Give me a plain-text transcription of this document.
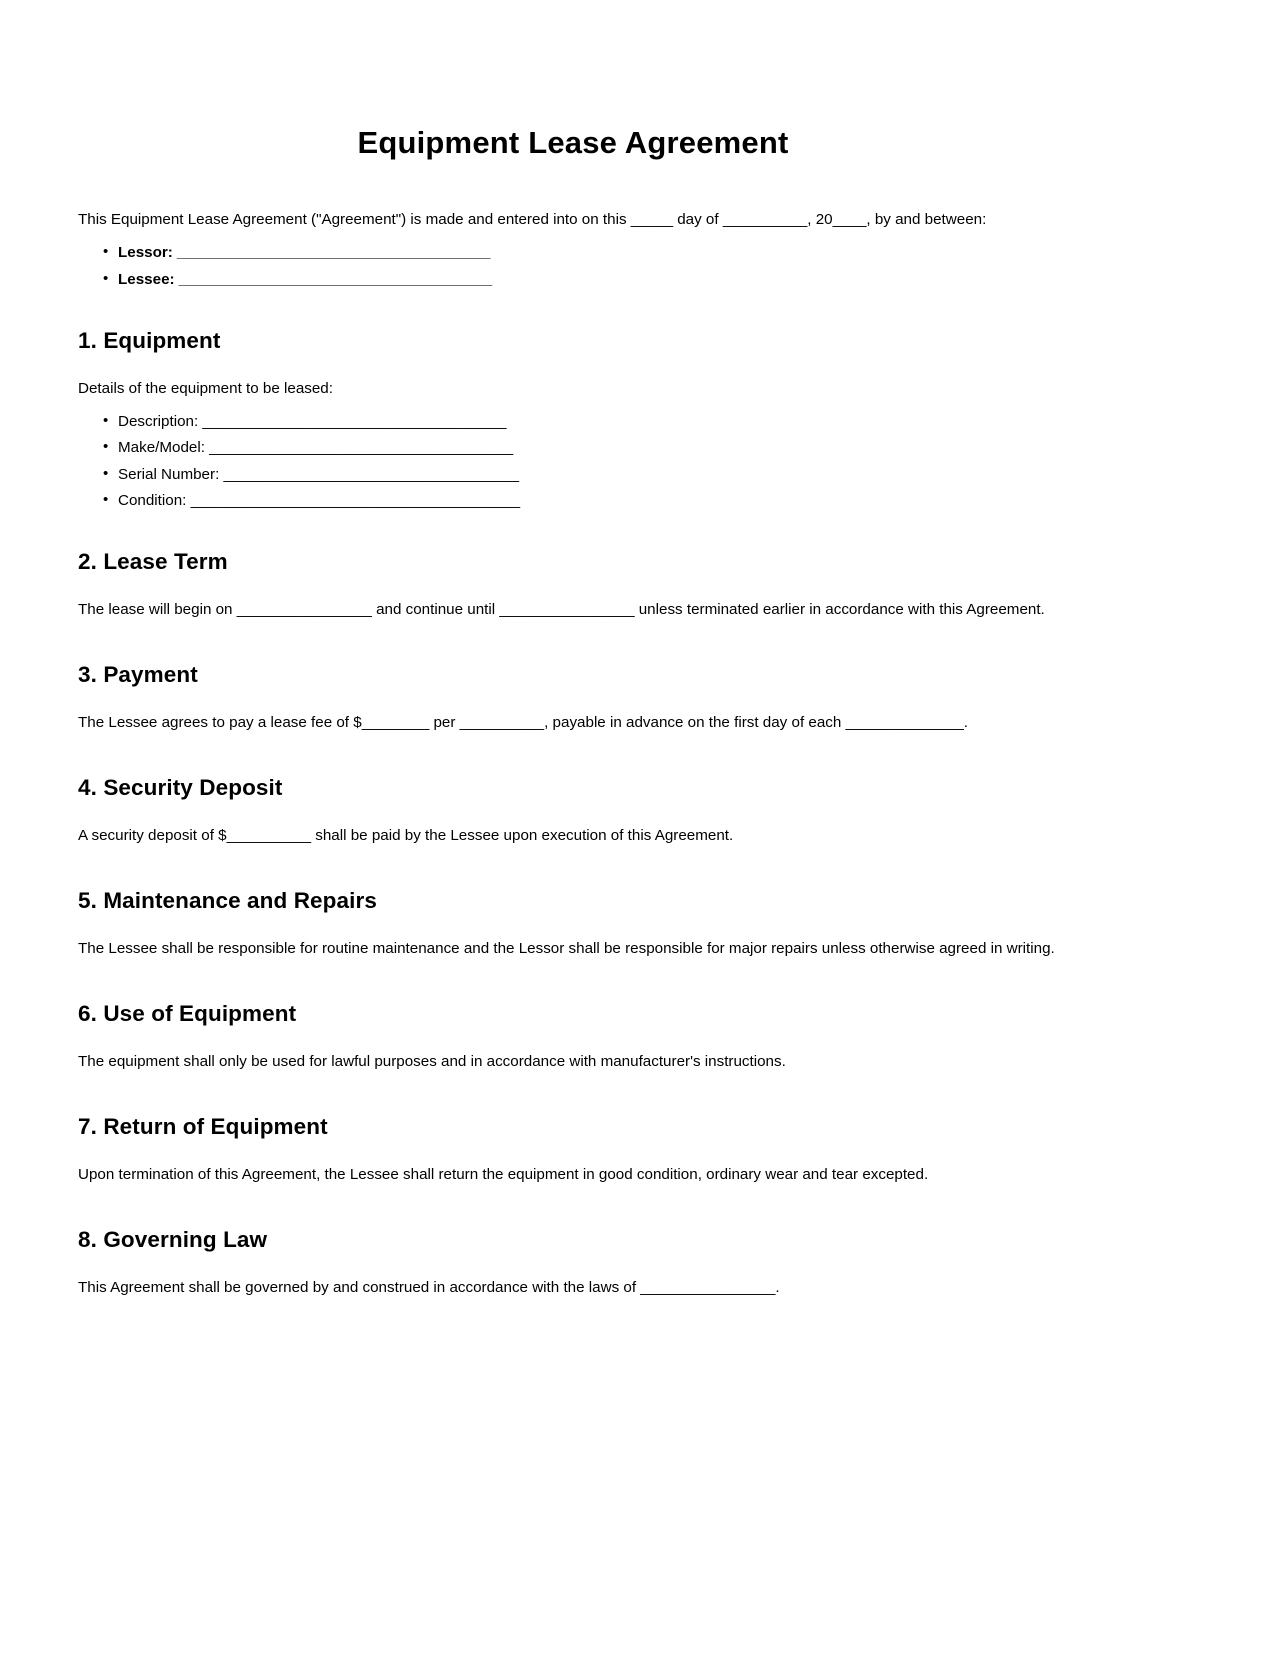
Equipment Lease Agreement

This Equipment Lease Agreement ("Agreement") is made and entered into on this _____ day of __________, 20____, by and between:

• Lessor: ______________________________________
• Lessee: ______________________________________
1. Equipment

Details of the equipment to be leased:

• Description: ____________________________________
• Make/Model: ____________________________________
• Serial Number: ___________________________________
• Condition: _______________________________________
2. Lease Term

The lease will begin on ________________ and continue until ________________ unless terminated earlier in accordance with this Agreement.

3. Payment

The Lessee agrees to pay a lease fee of $________ per __________, payable in advance on the first day of each ______________.

4. Security Deposit

A security deposit of $__________ shall be paid by the Lessee upon execution of this Agreement.

5. Maintenance and Repairs

The Lessee shall be responsible for routine maintenance and the Lessor shall be responsible for major repairs unless otherwise agreed in writing.

6. Use of Equipment

The equipment shall only be used for lawful purposes and in accordance with manufacturer's instructions.

7. Return of Equipment

Upon termination of this Agreement, the Lessee shall return the equipment in good condition, ordinary wear and tear excepted.

8. Governing Law

This Agreement shall be governed by and construed in accordance with the laws of ________________.
